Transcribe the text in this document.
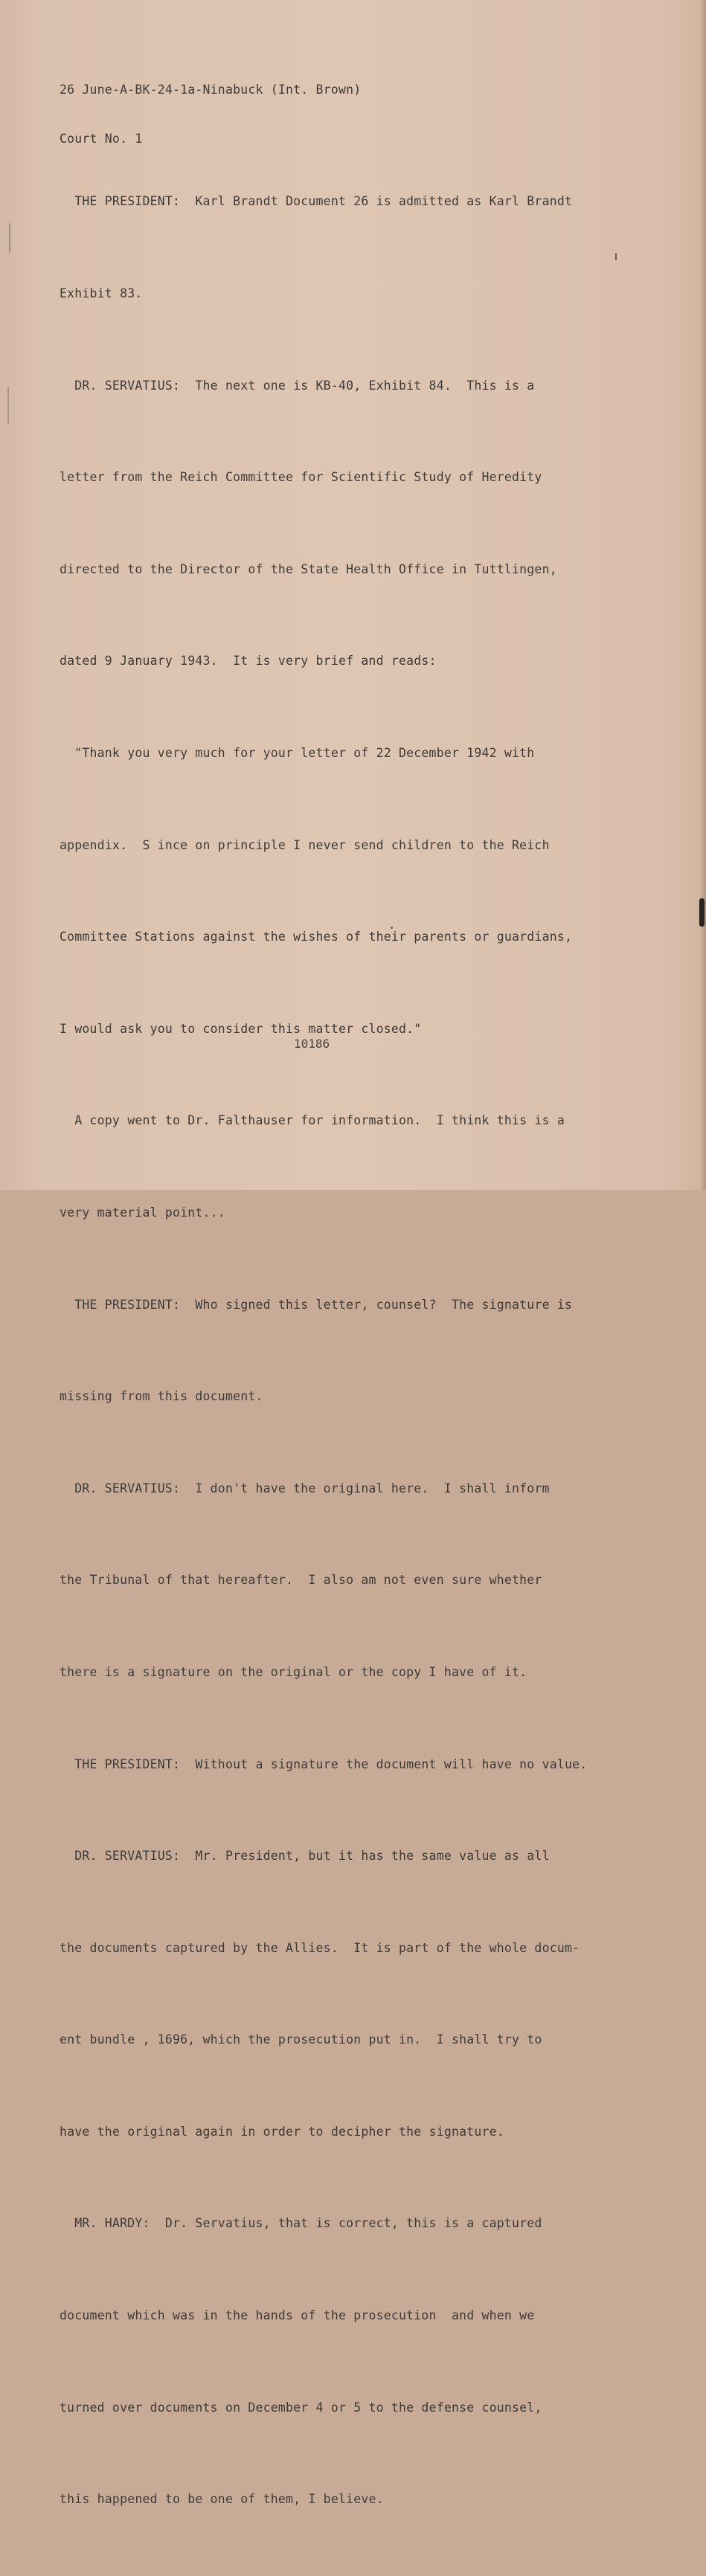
26 June-A-BK-24-1a-Ninabuck (Int. Brown)

Court No. 1

THE PRESIDENT:  Karl Brandt Document 26 is admitted as Karl Brandt

Exhibit 83.

DR. SERVATIUS:  The next one is KB-40, Exhibit 84.  This is a

letter from the Reich Committee for Scientific Study of Heredity

directed to the Director of the State Health Office in Tuttlingen,

dated 9 January 1943.  It is very brief and reads:

"Thank you very much for your letter of 22 December 1942 with

appendix.  S ince on principle I never send children to the Reich

Committee Stations against the wishes of their parents or guardians,

I would ask you to consider this matter closed."

A copy went to Dr. Falthauser for information.  I think this is a

very material point...

THE PRESIDENT:  Who signed this letter, counsel?  The signature is

missing from this document.

DR. SERVATIUS:  I don't have the original here.  I shall inform

the Tribunal of that hereafter.  I also am not even sure whether

there is a signature on the original or the copy I have of it.

THE PRESIDENT:  Without a signature the document will have no value.

DR. SERVATIUS:  Mr. President, but it has the same value as all

the documents captured by the Allies.  It is part of the whole docum-

ent bundle , 1696, which the prosecution put in.  I shall try to

have the original again in order to decipher the signature.

MR. HARDY:  Dr. Servatius, that is correct, this is a captured

document which was in the hands of the prosecution  and when we

turned over documents on December 4 or 5 to the defense counsel,

this happened to be one of them, I believe.

10186
